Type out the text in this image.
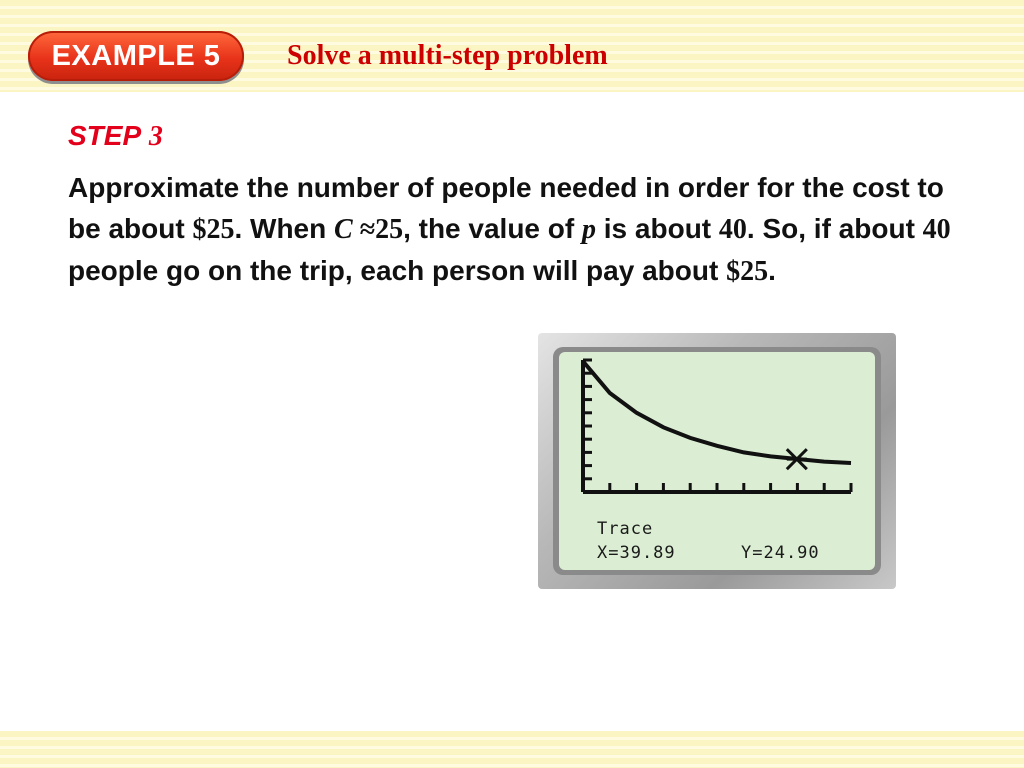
EXAMPLE 5	Solve a multi-step problem
STEP 3
Approximate the number of people needed in order for the cost to be about $25. When C ≈25, the value of p is about 40. So, if about 40 people go on the trip, each person will pay about $25.
Trace
X=39.89	Y=24.90
